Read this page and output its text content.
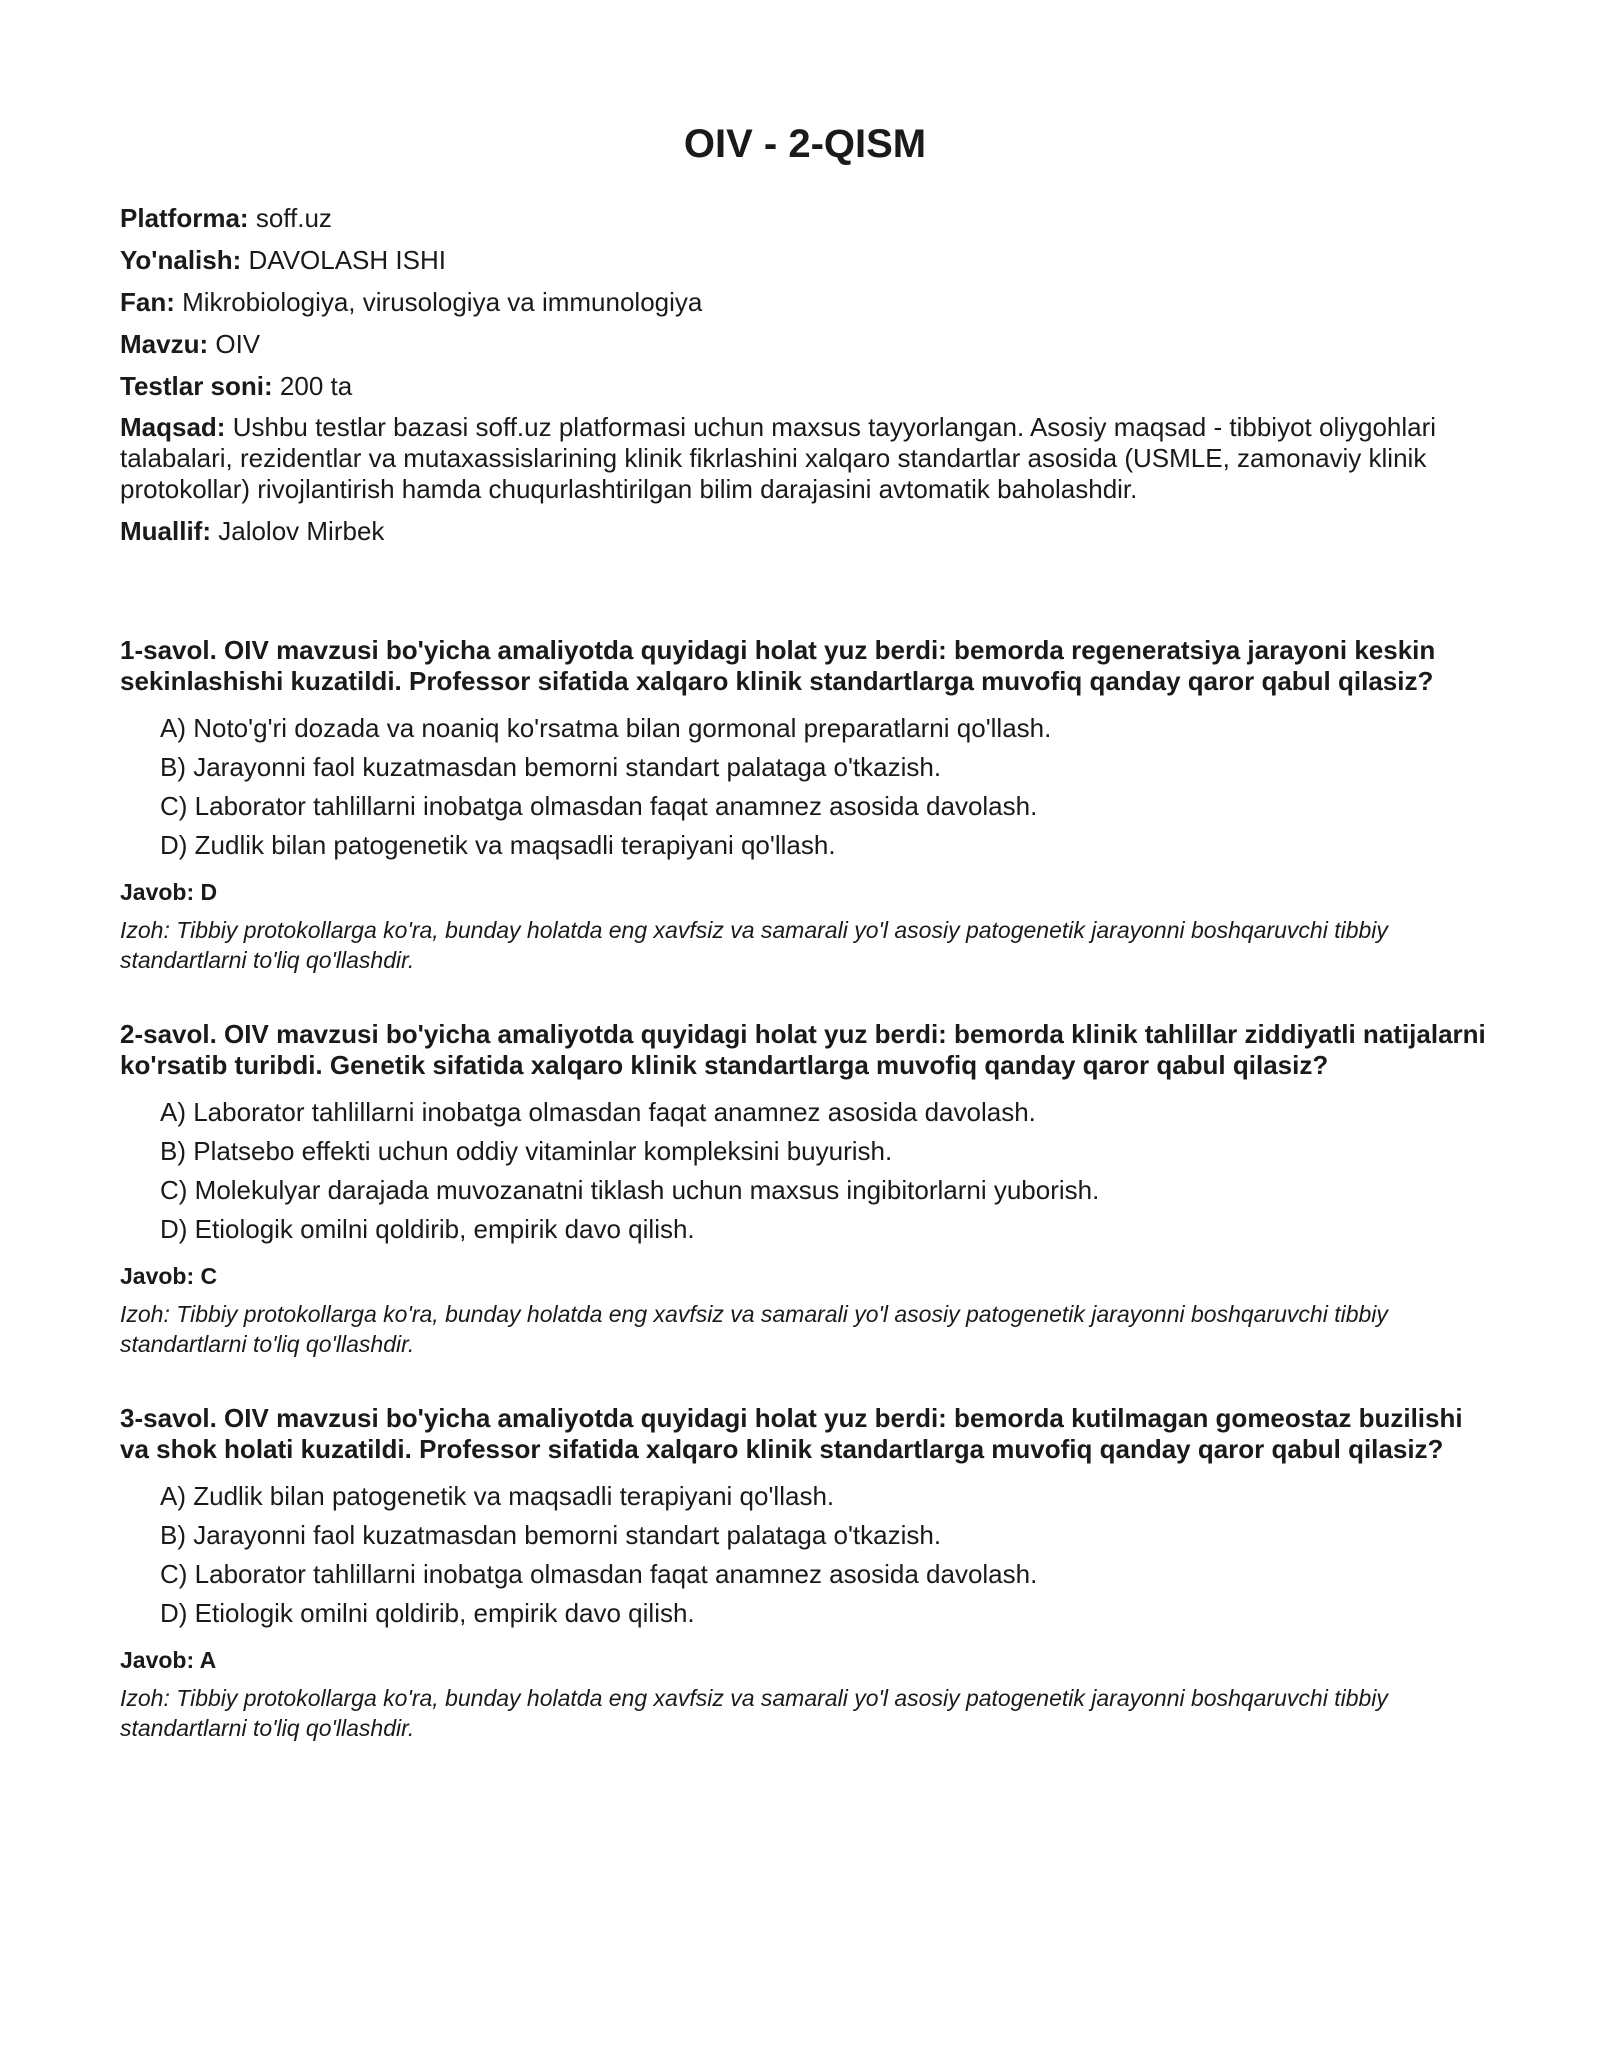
OIV - 2-QISM

Platforma: soff.uz

Yo'nalish: DAVOLASH ISHI

Fan: Mikrobiologiya, virusologiya va immunologiya

Mavzu: OIV

Testlar soni: 200 ta

Maqsad: Ushbu testlar bazasi soff.uz platformasi uchun maxsus tayyorlangan. Asosiy maqsad - tibbiyot oliygohlari talabalari, rezidentlar va mutaxassislarining klinik fikrlashini xalqaro standartlar asosida (USMLE, zamonaviy klinik protokollar) rivojlantirish hamda chuqurlashtirilgan bilim darajasini avtomatik baholashdir.

Muallif: Jalolov Mirbek

1-savol. OIV mavzusi bo'yicha amaliyotda quyidagi holat yuz berdi: bemorda regeneratsiya jarayoni keskin sekinlashishi kuzatildi. Professor sifatida xalqaro klinik standartlarga muvofiq qanday qaror qabul qilasiz?

A) Noto'g'ri dozada va noaniq ko'rsatma bilan gormonal preparatlarni qo'llash.
B) Jarayonni faol kuzatmasdan bemorni standart palataga o'tkazish.
C) Laborator tahlillarni inobatga olmasdan faqat anamnez asosida davolash.
D) Zudlik bilan patogenetik va maqsadli terapiyani qo'llash.

Javob: D

Izoh: Tibbiy protokollarga ko'ra, bunday holatda eng xavfsiz va samarali yo'l asosiy patogenetik jarayonni boshqaruvchi tibbiy standartlarni to'liq qo'llashdir.

2-savol. OIV mavzusi bo'yicha amaliyotda quyidagi holat yuz berdi: bemorda klinik tahlillar ziddiyatli natijalarni ko'rsatib turibdi. Genetik sifatida xalqaro klinik standartlarga muvofiq qanday qaror qabul qilasiz?

A) Laborator tahlillarni inobatga olmasdan faqat anamnez asosida davolash.
B) Platsebo effekti uchun oddiy vitaminlar kompleksini buyurish.
C) Molekulyar darajada muvozanatni tiklash uchun maxsus ingibitorlarni yuborish.
D) Etiologik omilni qoldirib, empirik davo qilish.

Javob: C

Izoh: Tibbiy protokollarga ko'ra, bunday holatda eng xavfsiz va samarali yo'l asosiy patogenetik jarayonni boshqaruvchi tibbiy standartlarni to'liq qo'llashdir.

3-savol. OIV mavzusi bo'yicha amaliyotda quyidagi holat yuz berdi: bemorda kutilmagan gomeostaz buzilishi va shok holati kuzatildi. Professor sifatida xalqaro klinik standartlarga muvofiq qanday qaror qabul qilasiz?

A) Zudlik bilan patogenetik va maqsadli terapiyani qo'llash.
B) Jarayonni faol kuzatmasdan bemorni standart palataga o'tkazish.
C) Laborator tahlillarni inobatga olmasdan faqat anamnez asosida davolash.
D) Etiologik omilni qoldirib, empirik davo qilish.

Javob: A

Izoh: Tibbiy protokollarga ko'ra, bunday holatda eng xavfsiz va samarali yo'l asosiy patogenetik jarayonni boshqaruvchi tibbiy standartlarni to'liq qo'llashdir.
